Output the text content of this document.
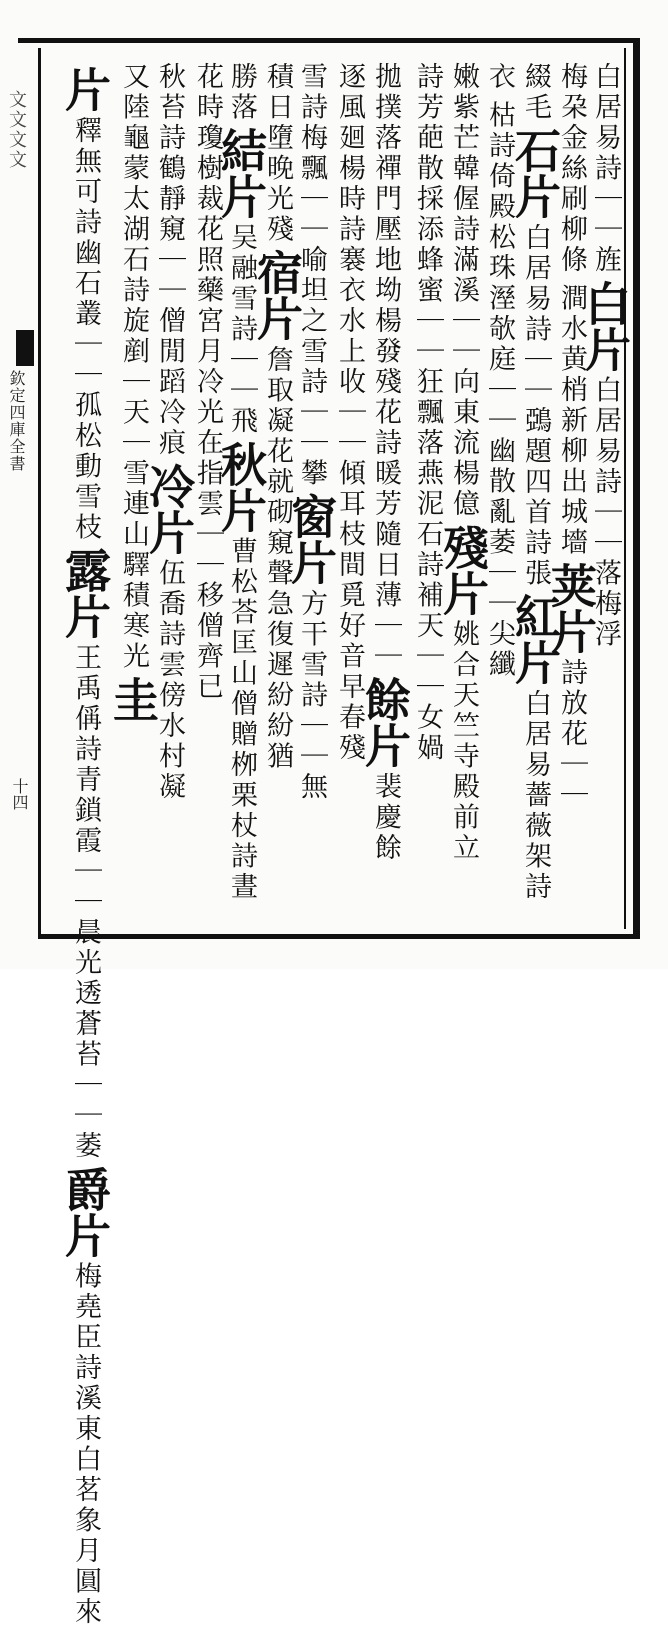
文文文文
欽定四庫全書
十四
白居易詩｜｜旌白片白居易詩｜｜落梅浮
梅朶金絲刷柳條澗水黄梢新柳出城墻荚片詩放花｜｜
綴毛石片白居易詩｜｜鵶題四首詩張紅片白居易薔薇架詩
衣枯詩倚殿松珠溼欹庭｜｜幽散亂萎｜｜尖纖
嫩紫芒韓偓詩滿溪｜｜向東流楊億殘片姚合天竺寺殿前立
詩芳葩散採添蜂蜜｜｜狂飄落燕泥石詩補天｜｜女媧
拋撲落禪門壓地坳楊發殘花詩暖芳隨日薄｜｜餘片裴慶餘
逐風廻楊時詩褰衣水上收｜｜傾耳枝間覓好音早春殘
雪詩梅飄｜｜喻坦之雪詩｜｜攀窗片方干雪詩｜｜無
積日墮晚光殘宿片詹取凝花就砌窺聲急復遲紛紛猶
勝落結片吴融雪詩｜｜飛秋片曹松荅匡山僧贈栁栗杖詩晝
花時瓊樹裁花照藥宮月冷光在指雲｜｜移僧齊已
秋苔詩鶴靜窺｜｜僧閒蹈冷痕冷片伍喬詩雲傍水村凝
又陸龜蒙太湖石詩旋剷｜天｜雪連山驛積寒光圭
片釋無可詩幽石叢｜｜孤松動雪枝露片王禹偁詩青鎖霞｜｜晨光透蒼苔｜｜萎爵片梅堯臣詩溪東白茗象月圓來
